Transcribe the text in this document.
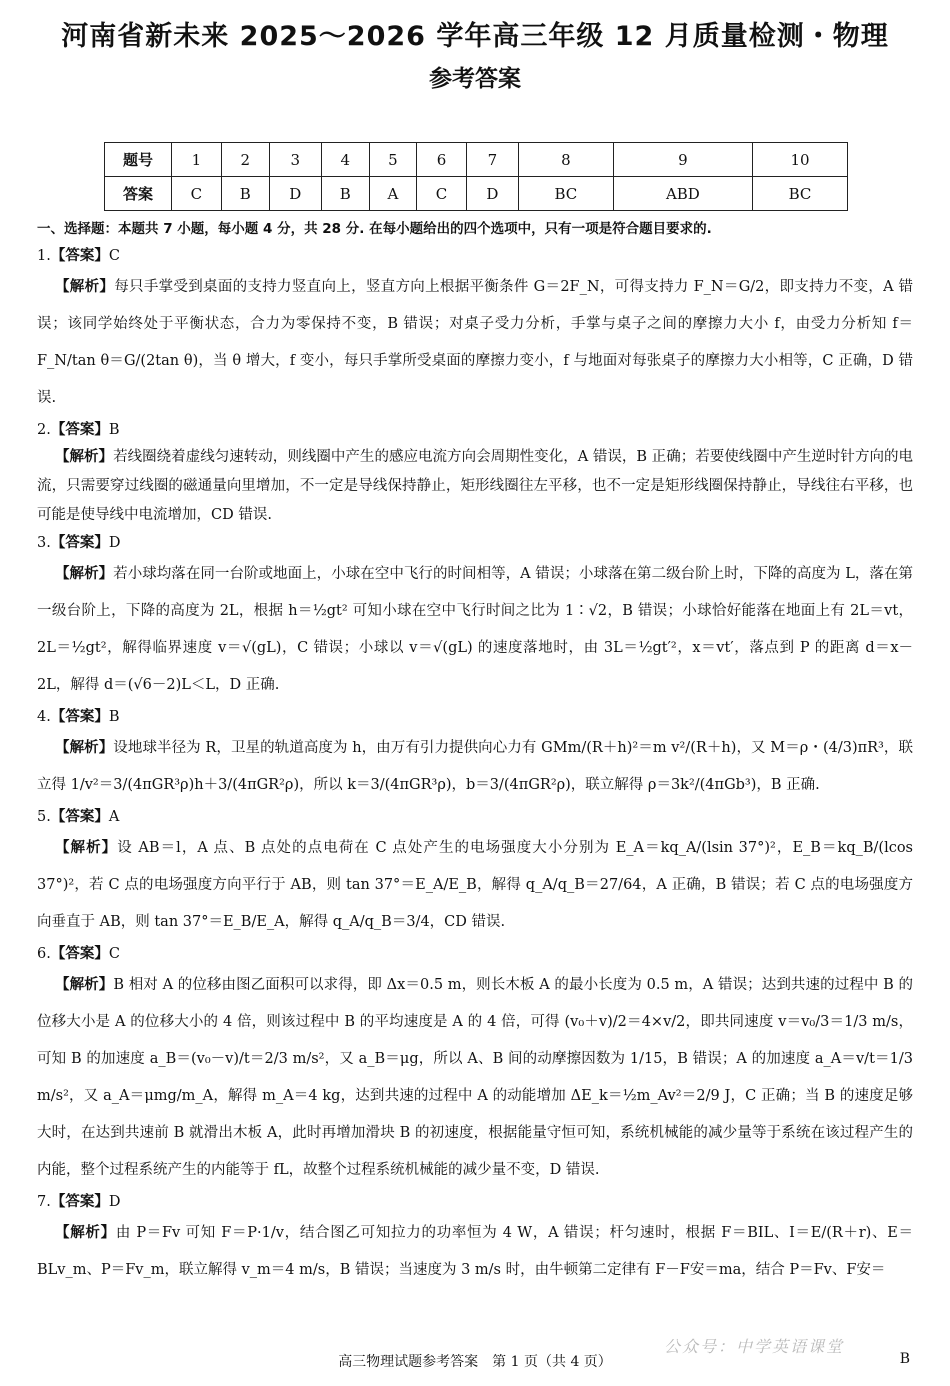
河南省新未来 2025～2026 学年高三年级 12 月质量检测・物理
参考答案
题号	1	2	3	4	5	6	7	8	9	10
答案	C	B	D	B	A	C	D	BC	ABD	BC
一、选择题：本题共 7 小题，每小题 4 分，共 28 分. 在每小题给出的四个选项中，只有一项是符合题目要求的.
1.【答案】C
【解析】每只手掌受到桌面的支持力竖直向上，竖直方向上根据平衡条件 G＝2F_N，可得支持力 F_N＝G/2，即支持力不变，A 错误；该同学始终处于平衡状态，合力为零保持不变，B 错误；对桌子受力分析，手掌与桌子之间的摩擦力大小 f，由受力分析知 f＝F_N/tan θ＝G/(2tan θ)，当 θ 增大，f 变小，每只手掌所受桌面的摩擦力变小，f 与地面对每张桌子的摩擦力大小相等，C 正确，D 错误.
2.【答案】B
【解析】若线圈绕着虚线匀速转动，则线圈中产生的感应电流方向会周期性变化，A 错误，B 正确；若要使线圈中产生逆时针方向的电流，只需要穿过线圈的磁通量向里增加，不一定是导线保持静止，矩形线圈往左平移，也不一定是矩形线圈保持静止，导线往右平移，也可能是使导线中电流增加，CD 错误.
3.【答案】D
【解析】若小球均落在同一台阶或地面上，小球在空中飞行的时间相等，A 错误；小球落在第二级台阶上时，下降的高度为 L，落在第一级台阶上，下降的高度为 2L，根据 h＝½gt² 可知小球在空中飞行时间之比为 1∶√2，B 错误；小球恰好能落在地面上有 2L＝vt，2L＝½gt²，解得临界速度 v＝√(gL)，C 错误；小球以 v＝√(gL) 的速度落地时，由 3L＝½gt′²，x＝vt′，落点到 P 的距离 d＝x－2L，解得 d＝(√6－2)L＜L，D 正确.
4.【答案】B
【解析】设地球半径为 R，卫星的轨道高度为 h，由万有引力提供向心力有 GMm/(R＋h)²＝m v²/(R＋h)，又 M＝ρ・(4/3)πR³，联立得 1/v²＝3/(4πGR³ρ)h＋3/(4πGR²ρ)，所以 k＝3/(4πGR³ρ)，b＝3/(4πGR²ρ)，联立解得 ρ＝3k²/(4πGb³)，B 正确.
5.【答案】A
【解析】设 AB＝l，A 点、B 点处的点电荷在 C 点处产生的电场强度大小分别为 E_A＝kq_A/(lsin 37°)²，E_B＝kq_B/(lcos 37°)²，若 C 点的电场强度方向平行于 AB，则 tan 37°＝E_A/E_B，解得 q_A/q_B＝27/64，A 正确，B 错误；若 C 点的电场强度方向垂直于 AB，则 tan 37°＝E_B/E_A，解得 q_A/q_B＝3/4，CD 错误.
6.【答案】C
【解析】B 相对 A 的位移由图乙面积可以求得，即 Δx＝0.5 m，则长木板 A 的最小长度为 0.5 m，A 错误；达到共速的过程中 B 的位移大小是 A 的位移大小的 4 倍，则该过程中 B 的平均速度是 A 的 4 倍，可得 (v₀＋v)/2＝4×v/2，即共同速度 v＝v₀/3＝1/3 m/s，可知 B 的加速度 a_B＝(v₀－v)/t＝2/3 m/s²，又 a_B＝μg，所以 A、B 间的动摩擦因数为 1/15，B 错误；A 的加速度 a_A＝v/t＝1/3 m/s²，又 a_A＝μmg/m_A，解得 m_A＝4 kg，达到共速的过程中 A 的动能增加 ΔE_k＝½m_Av²＝2/9 J，C 正确；当 B 的速度足够大时，在达到共速前 B 就滑出木板 A，此时再增加滑块 B 的初速度，根据能量守恒可知，系统机械能的减少量等于系统在该过程产生的内能，整个过程系统产生的内能等于 fL，故整个过程系统机械能的减少量不变，D 错误.
7.【答案】D
【解析】由 P＝Fv 可知 F＝P·1/v，结合图乙可知拉力的功率恒为 4 W，A 错误；杆匀速时，根据 F＝BIL、I＝E/(R＋r)、E＝BLv_m、P＝Fv_m，联立解得 v_m＝4 m/s，B 错误；当速度为 3 m/s 时，由牛顿第二定律有 F－F安＝ma，结合 P＝Fv、F安＝
公众号：中学英语课堂
高三物理试题参考答案　第 1 页（共 4 页）	B
